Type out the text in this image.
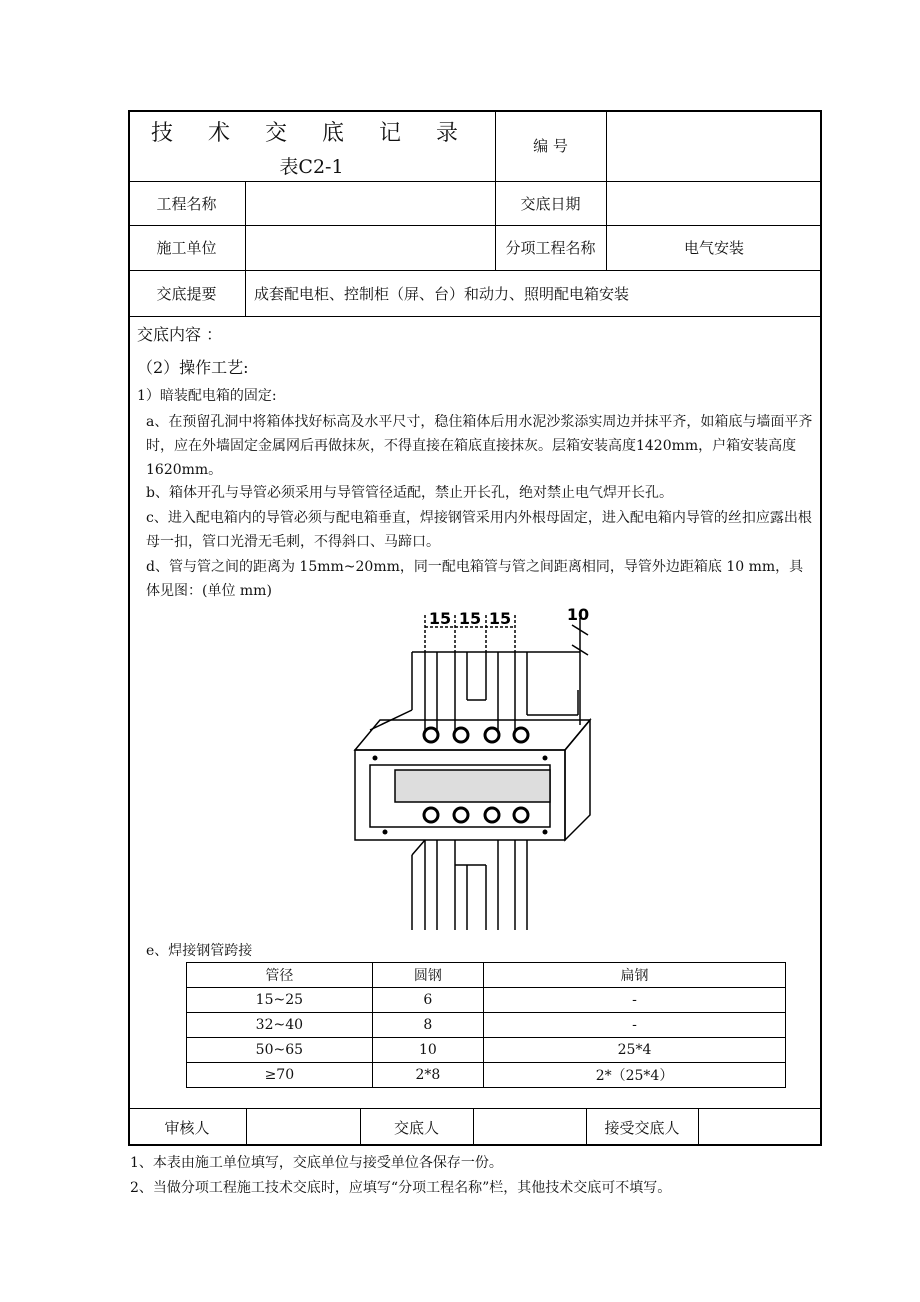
技 术 交 底 记 录
表C2-1
编 号
工程名称	交底日期
施工单位	分项工程名称	电气安装
交底提要	成套配电柜、控制柜（屏、台）和动力、照明配电箱安装
交底内容 ：
（2）操作工艺:
1）暗装配电箱的固定:
a、在预留孔洞中将箱体找好标高及水平尺寸，稳住箱体后用水泥沙浆添实周边并抹平齐，如箱底与墙面平齐时，应在外墙固定金属网后再做抹灰，不得直接在箱底直接抹灰。层箱安装高度1420mm，户箱安装高度 1620mm。
b、箱体开孔与导管必须采用与导管管径适配，禁止开长孔，绝对禁止电气焊开长孔。
c、进入配电箱内的导管必须与配电箱垂直，焊接钢管采用内外根母固定，进入配电箱内导管的丝扣应露出根母一扣，管口光滑无毛刺，不得斜口、马蹄口。
d、管与管之间的距离为 15mm~20mm，同一配电箱管与管之间距离相同，导管外边距箱底 10 mm，具体见图：(单位 mm)
15 15 15	10
e、焊接钢管跨接
管径	圆钢	扁钢
15~25	6	-
32~40	8	-
50~65	10	25*4
≥70	2*8	2*（25*4）
审核人	交底人	接受交底人
1、本表由施工单位填写，交底单位与接受单位各保存一份。
2、当做分项工程施工技术交底时，应填写“分项工程名称”栏，其他技术交底可不填写。
